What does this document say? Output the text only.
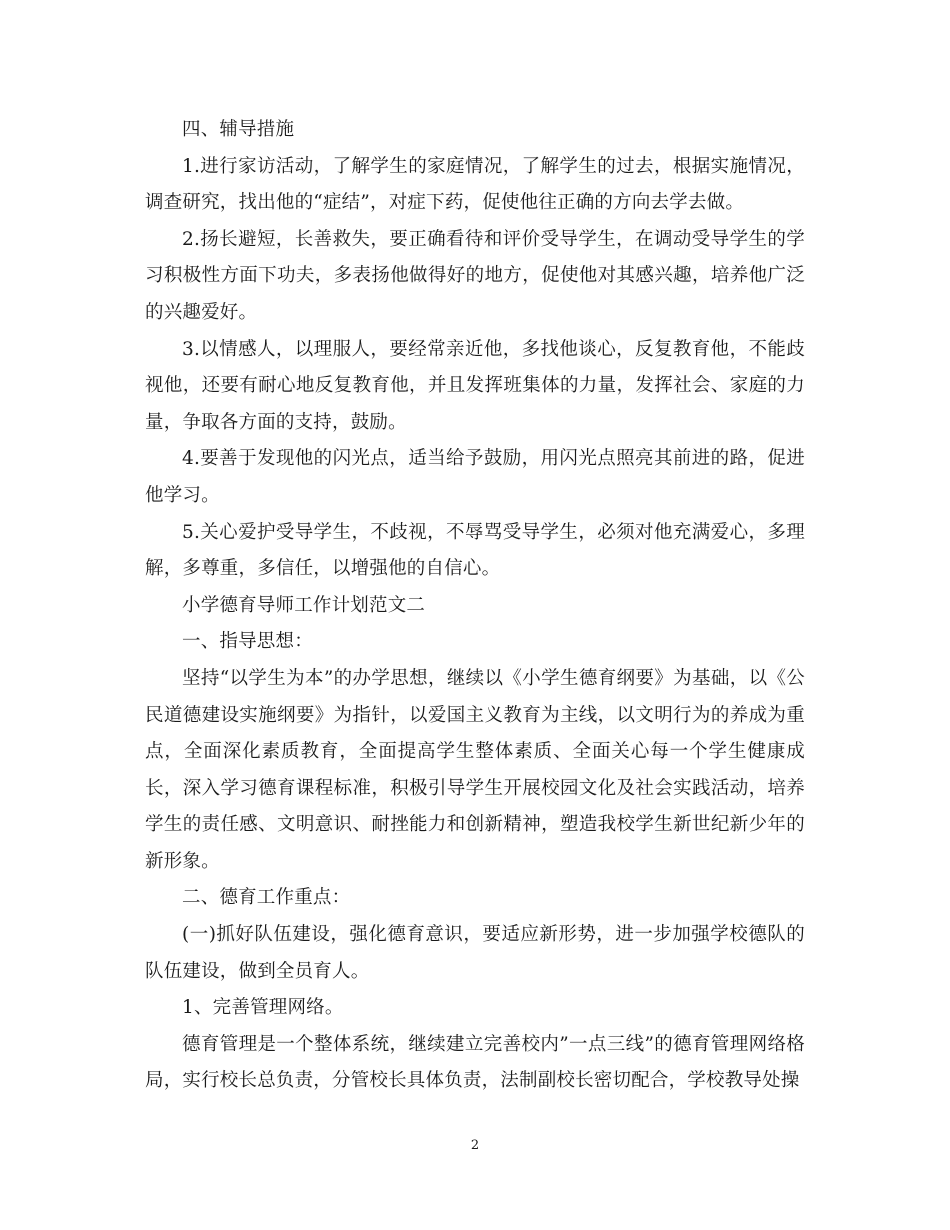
四、辅导措施

1.进行家访活动，了解学生的家庭情况，了解学生的过去，根据实施情况，调查研究，找出他的“症结”，对症下药，促使他往正确的方向去学去做。

2.扬长避短，长善救失，要正确看待和评价受导学生，在调动受导学生的学习积极性方面下功夫，多表扬他做得好的地方，促使他对其感兴趣，培养他广泛的兴趣爱好。

3.以情感人，以理服人，要经常亲近他，多找他谈心，反复教育他，不能歧视他，还要有耐心地反复教育他，并且发挥班集体的力量，发挥社会、家庭的力量，争取各方面的支持，鼓励。

4.要善于发现他的闪光点，适当给予鼓励，用闪光点照亮其前进的路，促进他学习。

5.关心爱护受导学生，不歧视，不辱骂受导学生，必须对他充满爱心，多理解，多尊重，多信任，以增强他的自信心。

小学德育导师工作计划范文二

一、指导思想：

坚持“以学生为本”的办学思想，继续以《小学生德育纲要》为基础，以《公民道德建设实施纲要》为指针，以爱国主义教育为主线，以文明行为的养成为重点，全面深化素质教育，全面提高学生整体素质、全面关心每一个学生健康成长，深入学习德育课程标准，积极引导学生开展校园文化及社会实践活动，培养学生的责任感、文明意识、耐挫能力和创新精神，塑造我校学生新世纪新少年的新形象。

二、德育工作重点：

(一)抓好队伍建设，强化德育意识，要适应新形势，进一步加强学校德队的队伍建设，做到全员育人。

1、完善管理网络。

德育管理是一个整体系统，继续建立完善校内”一点三线”的德育管理网络格局，实行校长总负责，分管校长具体负责，法制副校长密切配合，学校教导处操

2
